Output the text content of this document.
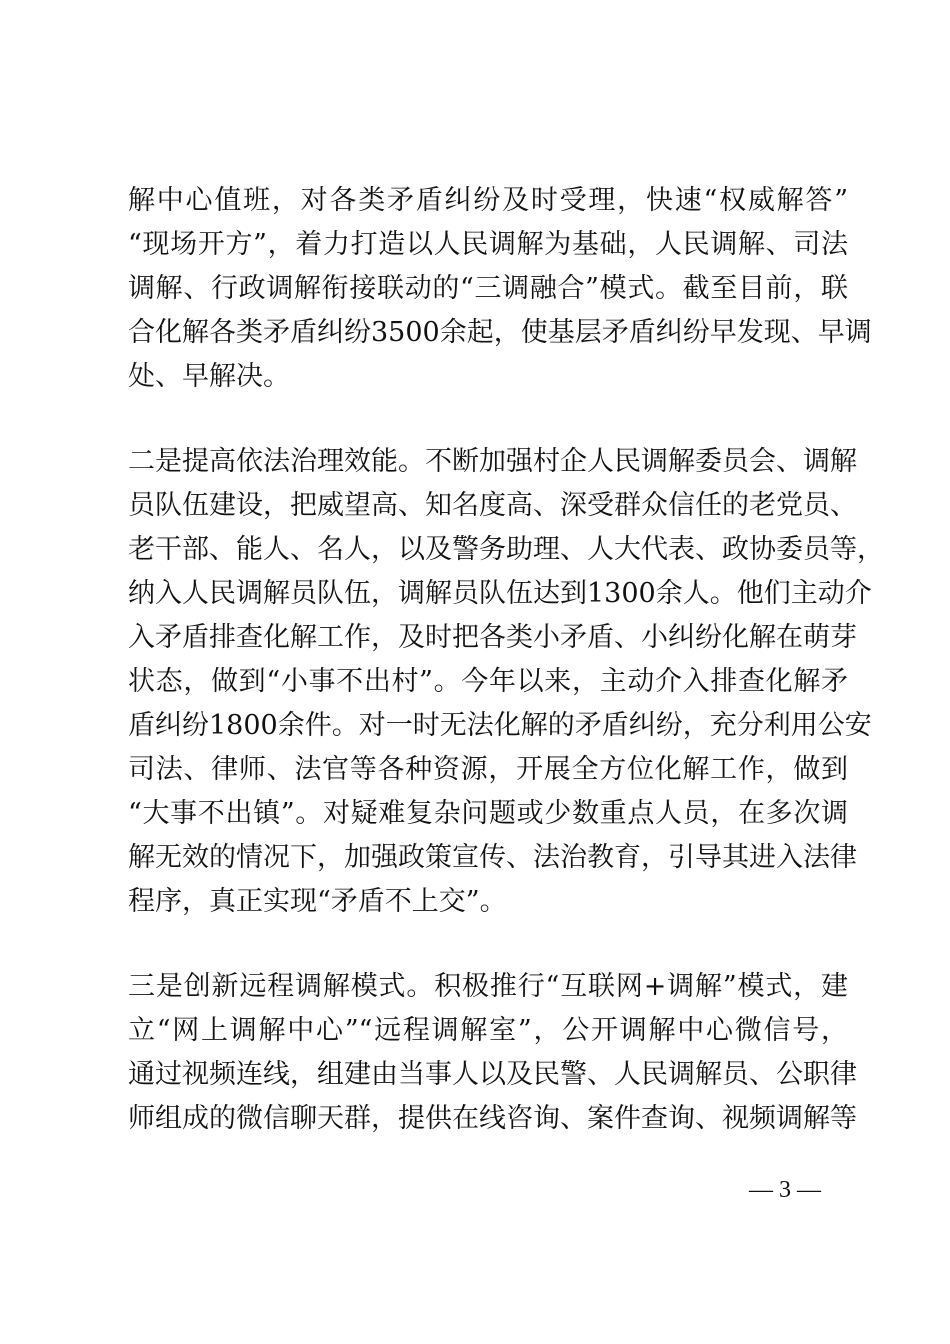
解中心值班，对各类矛盾纠纷及时受理，快速“权威解答”
“现场开方”，着力打造以人民调解为基础，人民调解、司法
调解、行政调解衔接联动的“三调融合”模式。截至目前，联
合化解各类矛盾纠纷3500余起，使基层矛盾纠纷早发现、早调
处、早解决。
二是提高依法治理效能。不断加强村企人民调解委员会、调解
员队伍建设，把威望高、知名度高、深受群众信任的老党员、
老干部、能人、名人，以及警务助理、人大代表、政协委员等，
纳入人民调解员队伍，调解员队伍达到1300余人。他们主动介
入矛盾排查化解工作，及时把各类小矛盾、小纠纷化解在萌芽
状态，做到“小事不出村”。今年以来，主动介入排查化解矛
盾纠纷1800余件。对一时无法化解的矛盾纠纷，充分利用公安
司法、律师、法官等各种资源，开展全方位化解工作，做到
“大事不出镇”。对疑难复杂问题或少数重点人员，在多次调
解无效的情况下，加强政策宣传、法治教育，引导其进入法律
程序，真正实现“矛盾不上交”。
三是创新远程调解模式。积极推行“互联网+调解”模式，建
立“网上调解中心”“远程调解室”，公开调解中心微信号，
通过视频连线，组建由当事人以及民警、人民调解员、公职律
师组成的微信聊天群，提供在线咨询、案件查询、视频调解等
— 3 —
